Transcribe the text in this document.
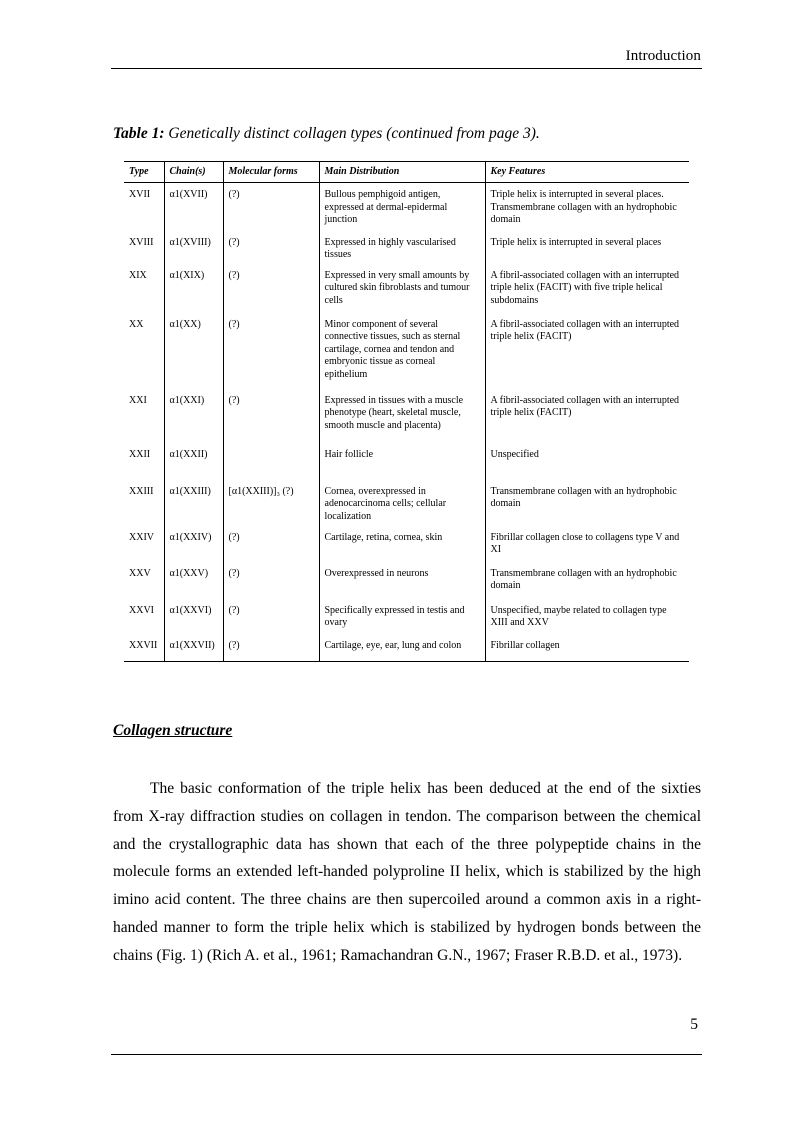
Introduction
Table 1: Genetically distinct collagen types (continued from page 3).
Type	Chain(s)	Molecular forms	Main Distribution	Key Features
XVII	α1(XVII)	(?)	Bullous pemphigoid antigen, expressed at dermal-epidermal junction	Triple helix is interrupted in several places. Transmembrane collagen with an hydrophobic domain
XVIII	α1(XVIII)	(?)	Expressed in highly vascularised tissues	Triple helix is interrupted in several places
XIX	α1(XIX)	(?)	Expressed in very small amounts by cultured skin fibroblasts and tumour cells	A fibril-associated collagen with an interrupted triple helix (FACIT) with five triple helical subdomains
XX	α1(XX)	(?)	Minor component of several connective tissues, such as sternal cartilage, cornea and tendon and embryonic tissue as corneal epithelium	A fibril-associated collagen with an interrupted triple helix (FACIT)
XXI	α1(XXI)	(?)	Expressed in tissues with a muscle phenotype (heart, skeletal muscle, smooth muscle and placenta)	A fibril-associated collagen with an interrupted triple helix (FACIT)
XXII	α1(XXII)		Hair follicle	Unspecified
XXIII	α1(XXIII)	[α1(XXIII)]₃ (?)	Cornea, overexpressed in adenocarcinoma cells; cellular localization	Transmembrane collagen with an hydrophobic domain
XXIV	α1(XXIV)	(?)	Cartilage, retina, cornea, skin	Fibrillar collagen close to collagens type V and XI
XXV	α1(XXV)	(?)	Overexpressed in neurons	Transmembrane collagen with an hydrophobic domain
XXVI	α1(XXVI)	(?)	Specifically expressed in testis and ovary	Unspecified, maybe related to collagen type XIII and XXV
XXVII	α1(XXVII)	(?)	Cartilage, eye, ear, lung and colon	Fibrillar collagen
Collagen structure

The basic conformation of the triple helix has been deduced at the end of the sixties from X-ray diffraction studies on collagen in tendon. The comparison between the chemical and the crystallographic data has shown that each of the three polypeptide chains in the molecule forms an extended left-handed polyproline II helix, which is stabilized by the high imino acid content. The three chains are then supercoiled around a common axis in a right-handed manner to form the triple helix which is stabilized by hydrogen bonds between the chains (Fig. 1) (Rich A. et al., 1961; Ramachandran G.N., 1967; Fraser R.B.D. et al., 1973).

5
